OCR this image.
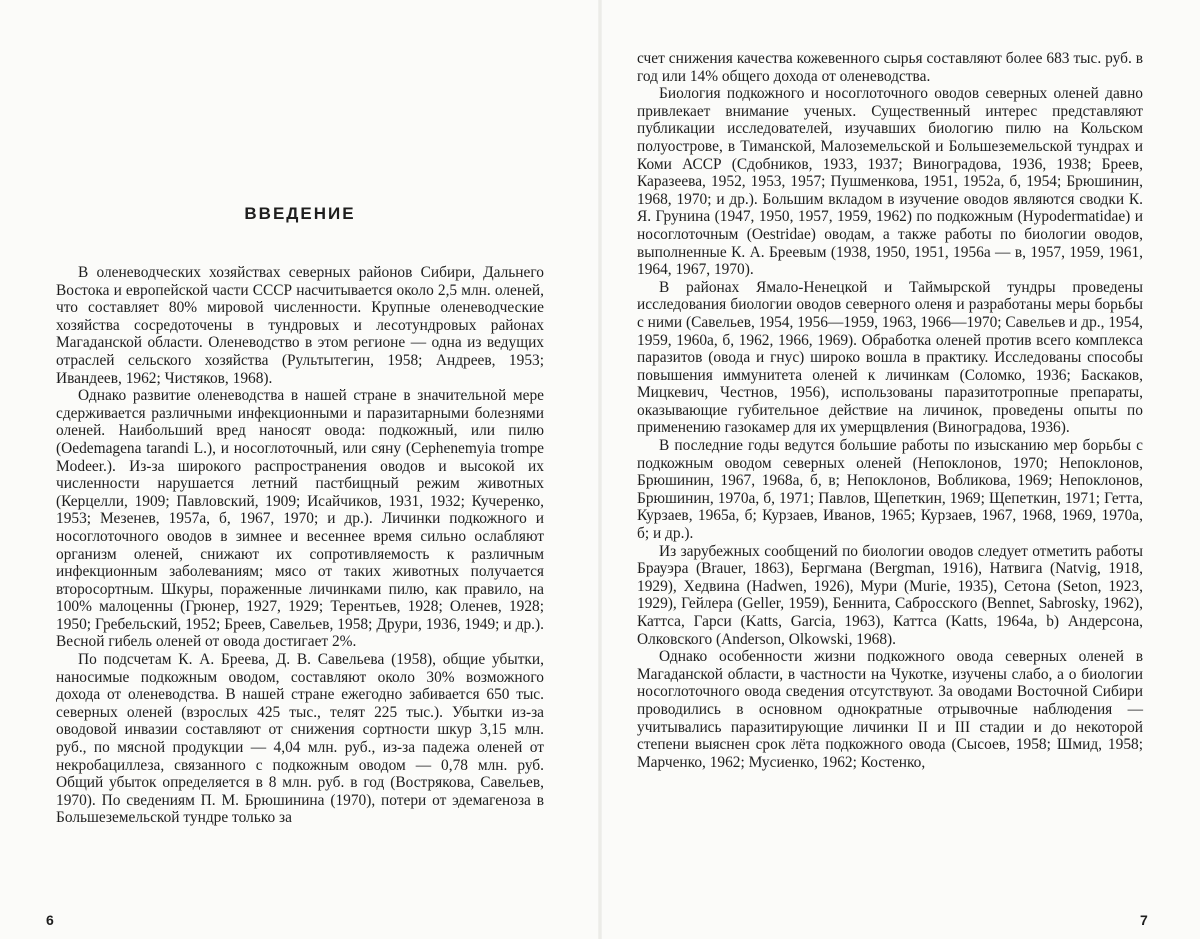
ВВЕДЕНИЕ

В оленеводческих хозяйствах северных районов Сибири, Дальнего Востока и европейской части СССР насчитывается около 2,5 млн. оленей, что составляет 80% мировой численности. Крупные оленеводческие хозяйства сосредоточены в тундровых и лесотундровых районах Магаданской области. Оленеводство в этом регионе — одна из ведущих отраслей сельского хозяйства (Рультытегин, 1958; Андреев, 1953; Ивандеев, 1962; Чистяков, 1968).

Однако развитие оленеводства в нашей стране в значительной мере сдерживается различными инфекционными и паразитарными болезнями оленей. Наибольший вред наносят овода: подкожный, или пилю (Oedemagena tarandi L.), и носоглоточный, или сяну (Cephenemyia trompe Modeer.). Из-за широкого распространения оводов и высокой их численности нарушается летний пастбищный режим животных (Керцелли, 1909; Павловский, 1909; Исайчиков, 1931, 1932; Кучеренко, 1953; Мезенев, 1957а, б, 1967, 1970; и др.). Личинки подкожного и носоглоточного оводов в зимнее и весеннее время сильно ослабляют организм оленей, снижают их сопротивляемость к различным инфекционным заболеваниям; мясо от таких животных получается второсортным. Шкуры, пораженные личинками пилю, как правило, на 100% малоценны (Грюнер, 1927, 1929; Терентьев, 1928; Оленев, 1928; 1950; Гребельский, 1952; Бреев, Савельев, 1958; Друри, 1936, 1949; и др.). Весной гибель оленей от овода достигает 2%.

По подсчетам К. А. Бреева, Д. В. Савельева (1958), общие убытки, наносимые подкожным оводом, составляют около 30% возможного дохода от оленеводства. В нашей стране ежегодно забивается 650 тыс. северных оленей (взрослых 425 тыс., телят 225 тыс.). Убытки из-за оводовой инвазии составляют от снижения сортности шкур 3,15 млн. руб., по мясной продукции — 4,04 млн. руб., из-за падежа оленей от некробациллеза, связанного с подкожным оводом — 0,78 млн. руб. Общий убыток определяется в 8 млн. руб. в год (Вострякова, Савельев, 1970). По сведениям П. М. Брюшинина (1970), потери от эдемагеноза в Большеземельской тундре только за

6

счет снижения качества кожевенного сырья составляют более 683 тыс. руб. в год или 14% общего дохода от оленеводства.

Биология подкожного и носоглоточного оводов северных оленей давно привлекает внимание ученых. Существенный интерес представляют публикации исследователей, изучавших биологию пилю на Кольском полуострове, в Тиманской, Малоземельской и Большеземельской тундрах и Коми АССР (Сдобников, 1933, 1937; Виноградова, 1936, 1938; Бреев, Каразеева, 1952, 1953, 1957; Пушменкова, 1951, 1952а, б, 1954; Брюшинин, 1968, 1970; и др.). Большим вкладом в изучение оводов являются сводки К. Я. Грунина (1947, 1950, 1957, 1959, 1962) по подкожным (Hypodermatidae) и носоглоточным (Oestridae) оводам, а также работы по биологии оводов, выполненные К. А. Бреевым (1938, 1950, 1951, 1956а — в, 1957, 1959, 1961, 1964, 1967, 1970).

В районах Ямало-Ненецкой и Таймырской тундры проведены исследования биологии оводов северного оленя и разработаны меры борьбы с ними (Савельев, 1954, 1956—1959, 1963, 1966—1970; Савельев и др., 1954, 1959, 1960а, б, 1962, 1966, 1969). Обработка оленей против всего комплекса паразитов (овода и гнус) широко вошла в практику. Исследованы способы повышения иммунитета оленей к личинкам (Соломко, 1936; Баскаков, Мицкевич, Честнов, 1956), использованы паразитотропные препараты, оказывающие губительное действие на личинок, проведены опыты по применению газокамер для их умерщвления (Виноградова, 1936).

В последние годы ведутся большие работы по изысканию мер борьбы с подкожным оводом северных оленей (Непоклонов, 1970; Непоклонов, Брюшинин, 1967, 1968а, б, в; Непоклонов, Вобликова, 1969; Непоклонов, Брюшинин, 1970а, б, 1971; Павлов, Щепеткин, 1969; Щепеткин, 1971; Гетта, Курзаев, 1965а, б; Курзаев, Иванов, 1965; Курзаев, 1967, 1968, 1969, 1970а, б; и др.).

Из зарубежных сообщений по биологии оводов следует отметить работы Брауэра (Brauer, 1863), Бергмана (Bergman, 1916), Натвига (Natvig, 1918, 1929), Хедвина (Hadwen, 1926), Мури (Murie, 1935), Сетона (Seton, 1923, 1929), Гейлера (Geller, 1959), Беннита, Сабросского (Bennet, Sabrosky, 1962), Каттса, Гарси (Katts, Garcia, 1963), Каттса (Katts, 1964а, b) Андерсона, Олковского (Anderson, Olkowski, 1968).

Однако особенности жизни подкожного овода северных оленей в Магаданской области, в частности на Чукотке, изучены слабо, а о биологии носоглоточного овода сведения отсутствуют. За оводами Восточной Сибири проводились в основном однократные отрывочные наблюдения — учитывались паразитирующие личинки II и III стадии и до некоторой степени выяснен срок лёта подкожного овода (Сысоев, 1958; Шмид, 1958; Марченко, 1962; Мусиенко, 1962; Костенко,

7
